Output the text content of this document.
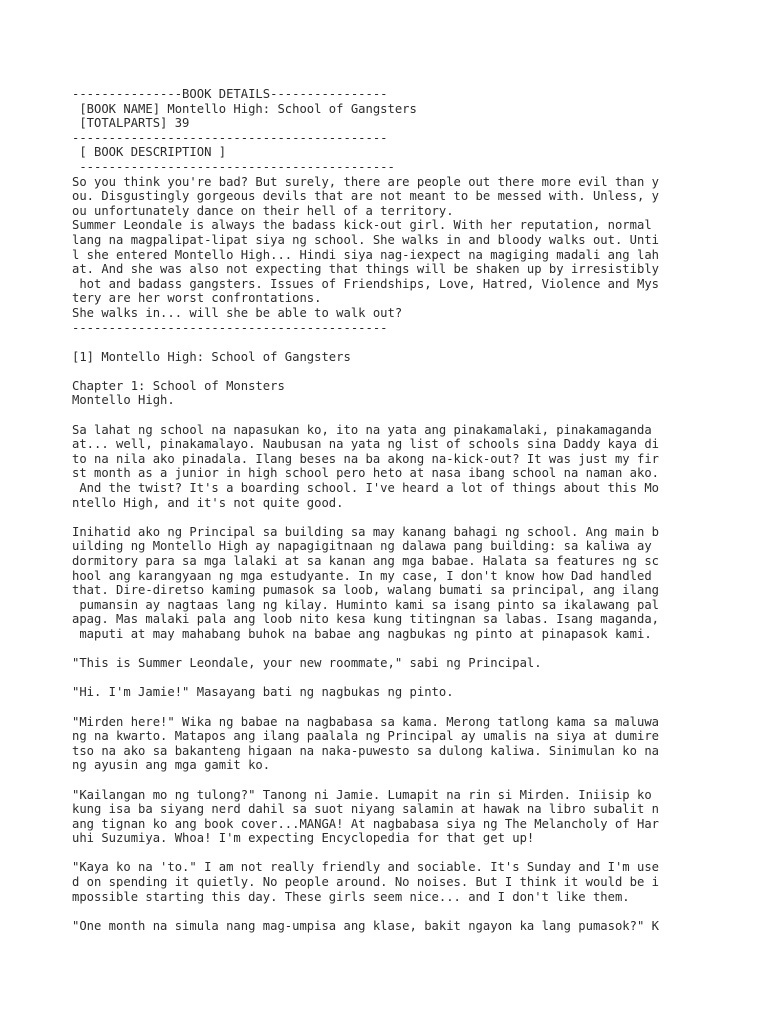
---------------BOOK DETAILS----------------
[BOOK NAME] Montello High: School of Gangsters
[TOTALPARTS] 39
-------------------------------------------
[ BOOK DESCRIPTION ]
-------------------------------------------
So you think you're bad? But surely, there are people out there more evil than y
ou. Disgustingly gorgeous devils that are not meant to be messed with. Unless, y
ou unfortunately dance on their hell of a territory.
Summer Leondale is always the badass kick-out girl. With her reputation, normal
lang na magpalipat-lipat siya ng school. She walks in and bloody walks out. Unti
l she entered Montello High... Hindi siya nag-iexpect na magiging madali ang lah
at. And she was also not expecting that things will be shaken up by irresistibly
hot and badass gangsters. Issues of Friendships, Love, Hatred, Violence and Mys
tery are her worst confrontations.
She walks in... will she be able to walk out?
-------------------------------------------
[1] Montello High: School of Gangsters
Chapter 1: School of Monsters
Montello High.
Sa lahat ng school na napasukan ko, ito na yata ang pinakamalaki, pinakamaganda
at... well, pinakamalayo. Naubusan na yata ng list of schools sina Daddy kaya di
to na nila ako pinadala. Ilang beses na ba akong na-kick-out? It was just my fir
st month as a junior in high school pero heto at nasa ibang school na naman ako.
And the twist? It's a boarding school. I've heard a lot of things about this Mo
ntello High, and it's not quite good.
Inihatid ako ng Principal sa building sa may kanang bahagi ng school. Ang main b
uilding ng Montello High ay napagigitnaan ng dalawa pang building: sa kaliwa ay
dormitory para sa mga lalaki at sa kanan ang mga babae. Halata sa features ng sc
hool ang karangyaan ng mga estudyante. In my case, I don't know how Dad handled
that. Dire-diretso kaming pumasok sa loob, walang bumati sa principal, ang ilang
pumansin ay nagtaas lang ng kilay. Huminto kami sa isang pinto sa ikalawang pal
apag. Mas malaki pala ang loob nito kesa kung titingnan sa labas. Isang maganda,
maputi at may mahabang buhok na babae ang nagbukas ng pinto at pinapasok kami.
"This is Summer Leondale, your new roommate," sabi ng Principal.
"Hi. I'm Jamie!" Masayang bati ng nagbukas ng pinto.
"Mirden here!" Wika ng babae na nagbabasa sa kama. Merong tatlong kama sa maluwa
ng na kwarto. Matapos ang ilang paalala ng Principal ay umalis na siya at dumire
tso na ako sa bakanteng higaan na naka-puwesto sa dulong kaliwa. Sinimulan ko na
ng ayusin ang mga gamit ko.
"Kailangan mo ng tulong?" Tanong ni Jamie. Lumapit na rin si Mirden. Iniisip ko
kung isa ba siyang nerd dahil sa suot niyang salamin at hawak na libro subalit n
ang tignan ko ang book cover...MANGA! At nagbabasa siya ng The Melancholy of Har
uhi Suzumiya. Whoa! I'm expecting Encyclopedia for that get up!
"Kaya ko na 'to." I am not really friendly and sociable. It's Sunday and I'm use
d on spending it quietly. No people around. No noises. But I think it would be i
mpossible starting this day. These girls seem nice... and I don't like them.
"One month na simula nang mag-umpisa ang klase, bakit ngayon ka lang pumasok?" K
